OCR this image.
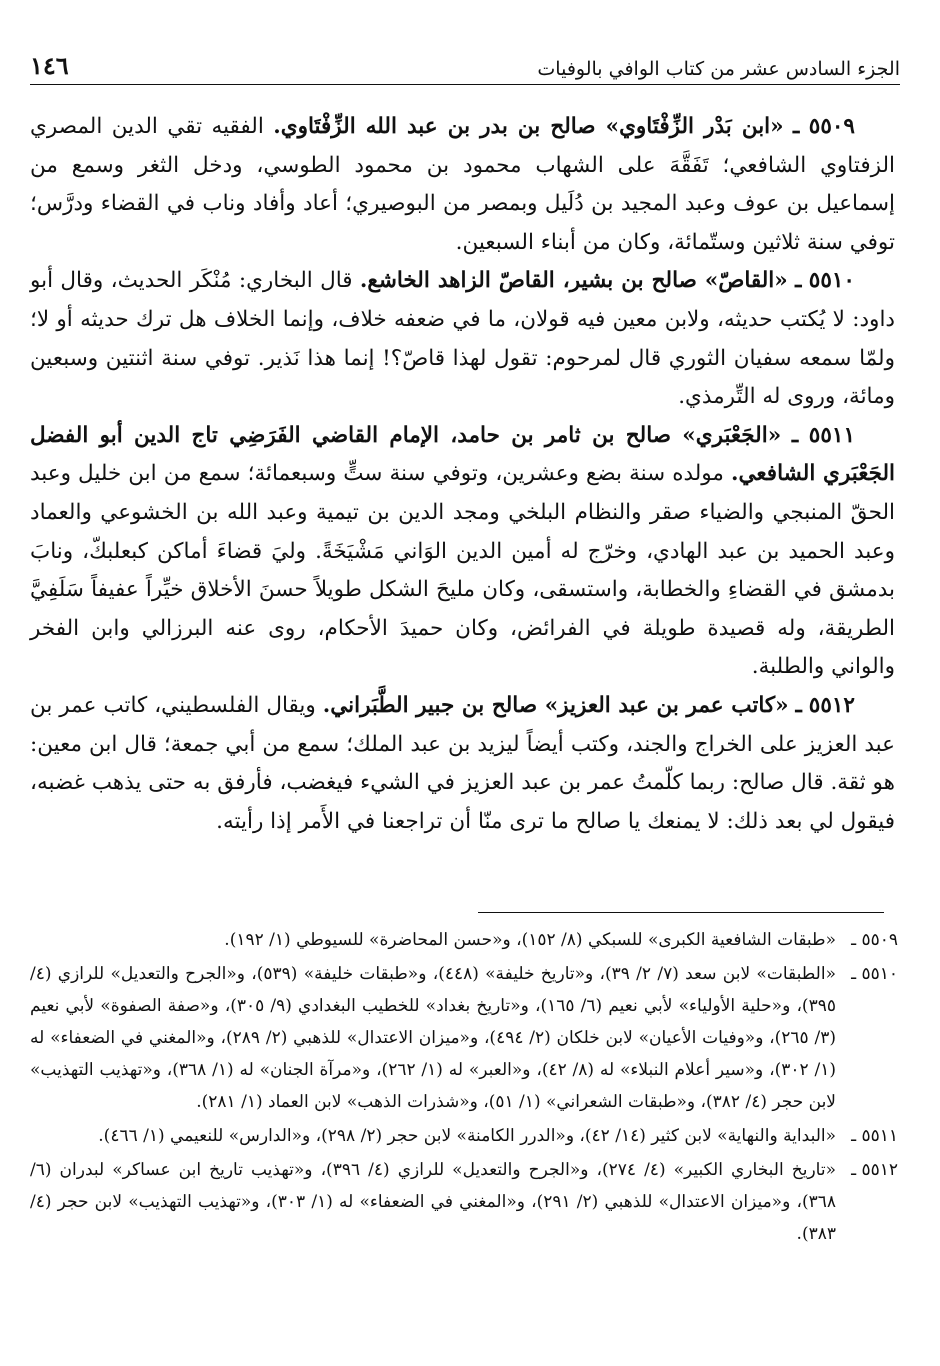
١٤٦	الجزء السادس عشر من كتاب الوافي بالوفيات

٥٥٠٩ ـ «ابن بَدْر الزِّفْتَاوي» صالح بن بدر بن عبد الله الزِّفْتَاوي. الفقيه تقي الدين المصري الزفتاوي الشافعي؛ تَفَقَّهَ على الشهاب محمود بن محمود الطوسي، ودخل الثغر وسمع من إسماعيل بن عوف وعبد المجيد بن دُلَيل وبمصر من البوصيري؛ أعاد وأفاد وناب في القضاء ودرَّس؛ توفي سنة ثلاثين وستّمائة، وكان من أبناء السبعين.

٥٥١٠ ـ «القاصّ» صالح بن بشير، القاصّ الزاهد الخاشع. قال البخاري: مُنْكَر الحديث، وقال أبو داود: لا يُكتب حديثه، ولابن معين فيه قولان، ما في ضعفه خلاف، وإنما الخلاف هل ترك حديثه أو لا؛ ولمّا سمعه سفيان الثوري قال لمرحوم: تقول لهذا قاصّ؟! إنما هذا نَذير. توفي سنة اثنتين وسبعين ومائة، وروى له التِّرمذي.

٥٥١١ ـ «الجَعْبَري» صالح بن ثامر بن حامد، الإمام القاضي الفَرَضِي تاج الدين أبو الفضل الجَعْبَري الشافعي. مولده سنة بضع وعشرين، وتوفي سنة ستٍّ وسبعمائة؛ سمع من ابن خليل وعبد الحقّ المنبجي والضياء صقر والنظام البلخي ومجد الدين بن تيمية وعبد الله بن الخشوعي والعماد وعبد الحميد بن عبد الهادي، وخرّج له أمين الدين الوَاني مَشْيَخَةً. وليَ قضاءَ أماكن كبعلبكّ، ونابَ بدمشق في القضاءِ والخطابة، واستسقى، وكان مليحَ الشكل طويلاً حسنَ الأخلاق خيِّراً عفيفاً سَلَفِيَّ الطريقة، وله قصيدة طويلة في الفرائض، وكان حميدَ الأحكام، روى عنه البرزالي وابن الفخر والواني والطلبة.

٥٥١٢ ـ «كاتب عمر بن عبد العزيز» صالح بن جبير الطَّبَراني. ويقال الفلسطيني، كاتب عمر بن عبد العزيز على الخراج والجند، وكتب أيضاً ليزيد بن عبد الملك؛ سمع من أبي جمعة؛ قال ابن معين: هو ثقة. قال صالح: ربما كلّمتُ عمر بن عبد العزيز في الشيء فيغضب، فأرفق به حتى يذهب غضبه، فيقول لي بعد ذلك: لا يمنعك يا صالح ما ترى منّا أن تراجعنا في الأَمر إذا رأيته.

٥٥٠٩ ـ«طبقات الشافعية الكبرى» للسبكي (٨/ ١٥٢)، و«حسن المحاضرة» للسيوطي (١/ ١٩٢).

٥٥١٠ ـ«الطبقات» لابن سعد (٧/ ٢/ ٣٩)، و«تاريخ خليفة» (٤٤٨)، و«طبقات خليفة» (٥٣٩)، و«الجرح والتعديل» للرازي (٤/ ٣٩٥)، و«حلية الأولياء» لأبي نعيم (٦/ ١٦٥)، و«تاريخ بغداد» للخطيب البغدادي (٩/ ٣٠٥)، و«صفة الصفوة» لأبي نعيم (٣/ ٢٦٥)، و«وفيات الأعيان» لابن خلكان (٢/ ٤٩٤)، و«ميزان الاعتدال» للذهبي (٢/ ٢٨٩)، و«المغني في الضعفاء» له (١/ ٣٠٢)، و«سير أعلام النبلاء» له (٨/ ٤٢)، و«العبر» له (١/ ٢٦٢)، و«مرآة الجنان» له (١/ ٣٦٨)، و«تهذيب التهذيب» لابن حجر (٤/ ٣٨٢)، و«طبقات الشعراني» (١/ ٥١)، و«شذرات الذهب» لابن العماد (١/ ٢٨١).

٥٥١١ ـ«البداية والنهاية» لابن كثير (١٤/ ٤٢)، و«الدرر الكامنة» لابن حجر (٢/ ٢٩٨)، و«الدارس» للنعيمي (١/ ٤٦٦).

٥٥١٢ ـ«تاريخ البخاري الكبير» (٤/ ٢٧٤)، و«الجرح والتعديل» للرازي (٤/ ٣٩٦)، و«تهذيب تاريخ ابن عساكر» لبدران (٦/ ٣٦٨)، و«ميزان الاعتدال» للذهبي (٢/ ٢٩١)، و«المغني في الضعفاء» له (١/ ٣٠٣)، و«تهذيب التهذيب» لابن حجر (٤/ ٣٨٣).
